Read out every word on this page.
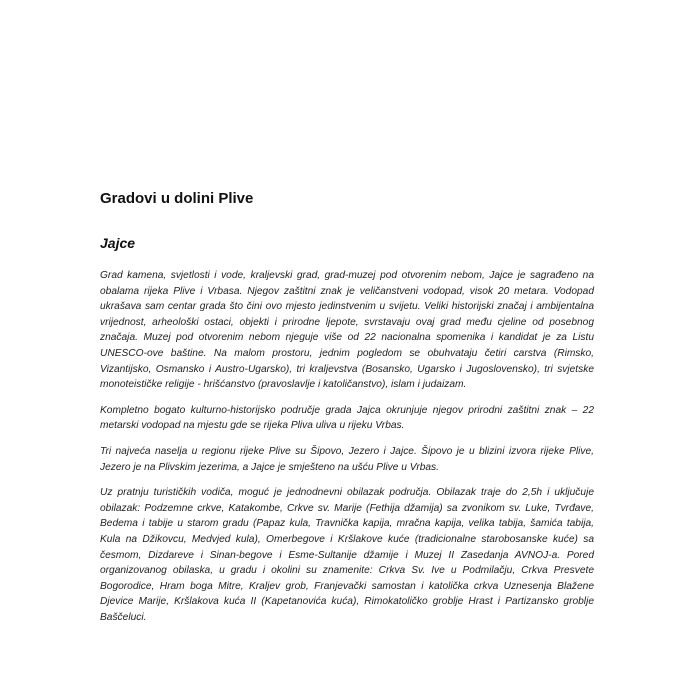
Gradovi u dolini Plive
Jajce

Grad kamena, svjetlosti i vode, kraljevski grad, grad-muzej pod otvorenim nebom, Jajce je sagrađeno na obalama rijeka Plive i Vrbasa. Njegov zaštitni znak je veličanstveni vodopad, visok 20 metara. Vodopad ukrašava sam centar grada što čini ovo mjesto jedinstvenim u svijetu. Veliki historijski značaj i ambijentalna vrijednost, arheološki ostaci, objekti i prirodne ljepote, svrstavaju ovaj grad među cjeline od posebnog značaja. Muzej pod otvorenim nebom njeguje više od 22 nacionalna spomenika i kandidat je za Listu UNESCO-ove baštine. Na malom prostoru, jednim pogledom se obuhvataju četiri carstva (Rimsko, Vizantijsko, Osmansko i Austro-Ugarsko), tri kraljevstva (Bosansko, Ugarsko i Jugoslovensko), tri svjetske monoteističke religije - hrišćanstvo (pravoslavlje i katoličanstvo), islam i judaizam.

Kompletno bogato kulturno-historijsko područje grada Jajca okrunjuje njegov prirodni zaštitni znak – 22 metarski vodopad na mjestu gde se rijeka Pliva uliva u rijeku Vrbas.

Tri najveća naselja u regionu rijeke Plive su Šipovo, Jezero i Jajce. Šipovo je u blizini izvora rijeke Plive, Jezero je na Plivskim jezerima, a Jajce je smješteno na ušću Plive u Vrbas.

Uz pratnju turističkih vodiča, moguć je jednodnevni obilazak područja. Obilazak traje do 2,5h i uključuje obilazak: Podzemne crkve, Katakombe, Crkve sv. Marije (Fethija džamija) sa zvonikom sv. Luke, Tvrđave, Bedema i tabije u starom gradu (Papaz kula, Travnička kapija, mračna kapija, velika tabija, šamića tabija, Kula na Džikovcu, Medvjed kula), Omerbegove i Kršlakove kuće (tradicionalne starobosanske kuće) sa česmom, Dizdareve i Sinan-begove i Esme-Sultanije džamije i Muzej II Zasedanja AVNOJ-a. Pored organizovanog obilaska, u gradu i okolini su znamenite: Crkva Sv. Ive u Podmilačju, Crkva Presvete Bogorodice, Hram boga Mitre, Kraljev grob, Franjevački samostan i katolička crkva Uznesenja Blažene Djevice Marije, Kršlakova kuća II (Kapetanovića kuća), Rimokatoličko groblje Hrast i Partizansko groblje Baščeluci.
